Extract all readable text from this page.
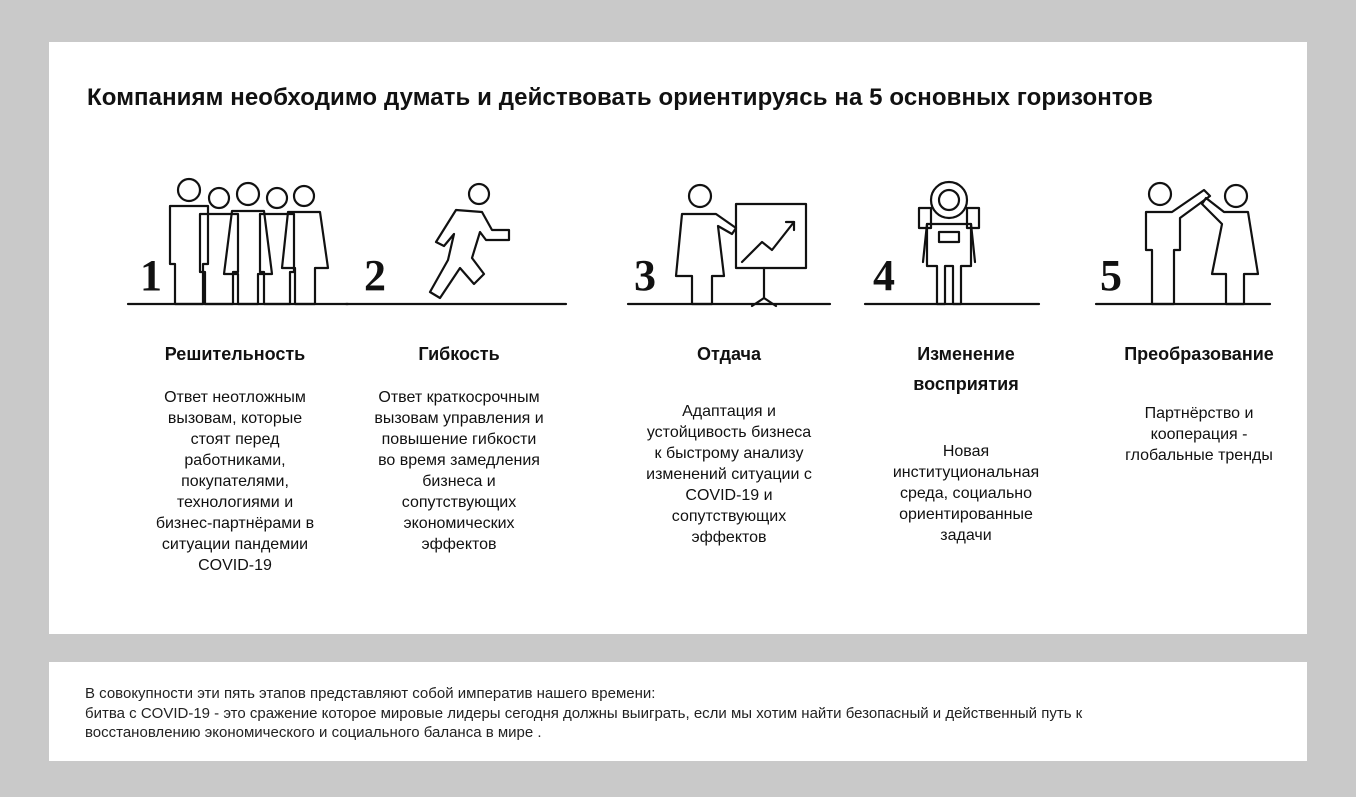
Компаниям необходимо думать и действовать ориентируясь на 5 основных горизонтов
1
Решительность
Ответ неотложным вызовам, которые стоят перед работниками, покупателями, технологиями и бизнес-партнёрами в ситуации пандемии COVID-19
2
Гибкость
Ответ краткосрочным вызовам управления и повышение гибкости во время замедления бизнеса и сопутствующих экономических эффектов
3
Отдача
Адаптация и устойцивость бизнеса к быстрому анализу изменений ситуации с COVID-19 и сопутствующих эффектов
4
Изменение восприятия
Новая институциональная среда, социально ориентированные задачи
5
Преобразование
Партнёрство и кооперация - глобальные тренды
В совокупности эти пять этапов представляют собой императив нашего времени:
битва с COVID-19 - это сражение которое мировые лидеры сегодня должны выиграть, если мы хотим найти безопасный и действенный путь к
восстановлению экономического и социального баланса в мире .
